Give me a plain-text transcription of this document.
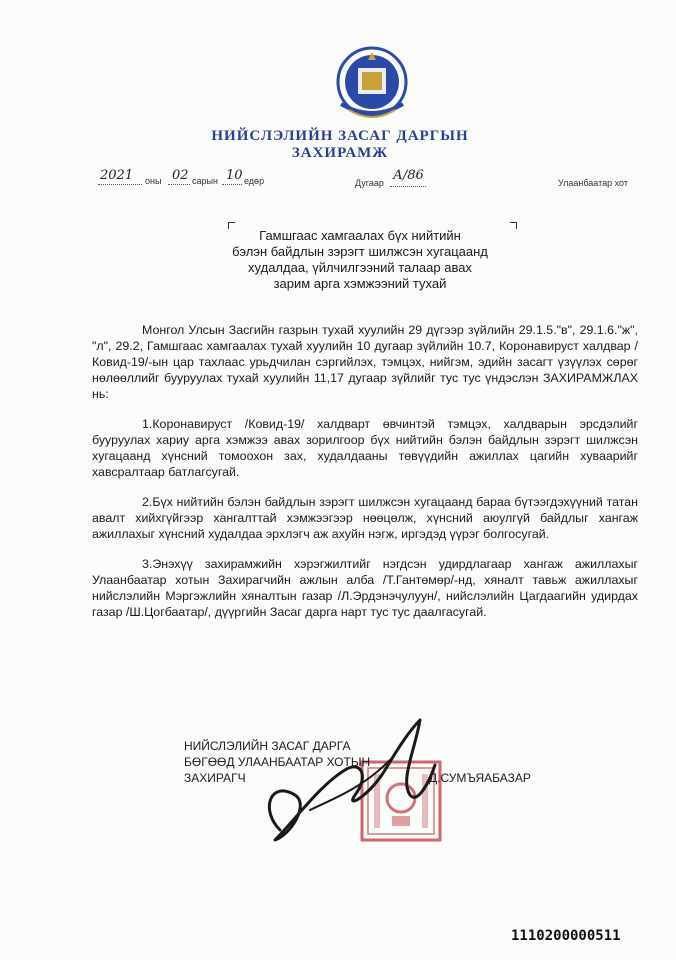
НИЙСЛЭЛИЙН ЗАСАГ ДАРГЫН
ЗАХИРАМЖ
2021 оны 02 сарын 10 едөр	Дугаар А/86	Улаанбаатар хот
Гамшгаас хамгаалах бүх нийтийн
бэлэн байдлын зэрэгт шилжсэн хугацаанд
худалдаа, үйлчилгээний талаар авах
зарим арга хэмжээний тухай

Монгол Улсын Засгийн газрын тухай хуулийн 29 дүгээр зүйлийн 29.1.5."в", 29.1.6."ж", "л", 29.2, Гамшгаас хамгаалах тухай хуулийн 10 дугаар зүйлийн 10.7, Коронавируст халдвар /Ковид-19/-ын цар тахлаас урьдчилан сэргийлэх, тэмцэх, нийгэм, эдийн засагт үзүүлэх сөрөг нөлөөллийг бууруулах тухай хуулийн 11,17 дугаар зүйлийг тус тус үндэслэн ЗАХИРАМЖЛАХ нь:

1.Коронавируст /Ковид-19/ халдварт өвчинтэй тэмцэх, халдварын эрсдэлийг бууруулах хариу арга хэмжээ авах зорилгоор бүх нийтийн бэлэн байдлын зэрэгт шилжсэн хугацаанд хүнсний томоохон зах, худалдааны төвүүдийн ажиллах цагийн хуваарийг хавсралтаар батлагсугай.

2.Бүх нийтийн бэлэн байдлын зэрэгт шилжсэн хугацаанд бараа бүтээгдэхүүний татан авалт хийхгүйгээр хангалттай хэмжээгээр нөөцөлж, хүнсний аюулгүй байдлыг хангаж ажиллахыг хүнсний худалдаа эрхлэгч аж ахуйн нэгж, иргэдэд үүрэг болгосугай.

3.Энэхүү захирамжийн хэрэгжилтийг нэгдсэн удирдлагаар хангаж ажиллахыг Улаанбаатар хотын Захирагчийн ажлын алба /Т.Гантөмөр/-нд, хяналт тавьж ажиллахыг нийслэлийн Мэргэжлийн хяналтын газар /Л.Эрдэнэчулуун/, нийслэлийн Цагдаагийн удирдах газар /Ш.Цогбаатар/, дүүргийн Засаг дарга нарт тус тус даалгасугай.

НИЙСЛЭЛИЙН ЗАСАГ ДАРГА
БӨГӨӨД УЛААНБААТАР ХОТЫН
ЗАХИРАГЧ	Д.СУМЪЯАБАЗАР
1110200000511
